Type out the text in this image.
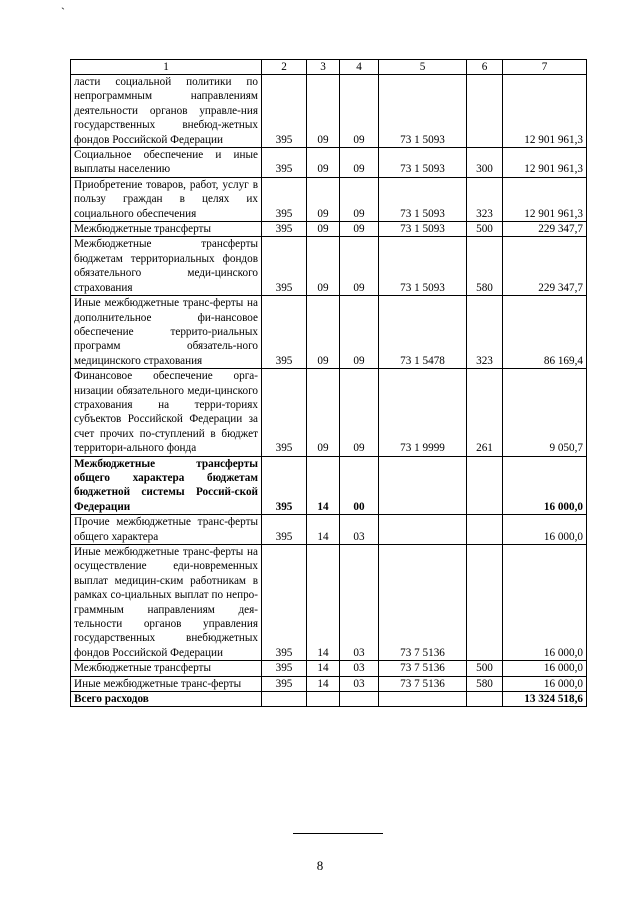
`
1	2	3	4	5	6	7
ласти социальной политики по непрограммным направлениям деятельности органов управле-ния государственных внебюд-жетных фондов Российской Федерации	395	09	09	73 1 5093		12 901 961,3
Социальное обеспечение и иные выплаты населению	395	09	09	73 1 5093	300	12 901 961,3
Приобретение товаров, работ, услуг в пользу граждан в целях их социального обеспечения	395	09	09	73 1 5093	323	12 901 961,3
Межбюджетные трансферты	395	09	09	73 1 5093	500	229 347,7
Межбюджетные трансферты бюджетам территориальных фондов обязательного меди-цинского страхования	395	09	09	73 1 5093	580	229 347,7
Иные межбюджетные транс-ферты на дополнительное фи-нансовое обеспечение террито-риальных программ обязатель-ного медицинского страхования	395	09	09	73 1 5478	323	86 169,4
Финансовое обеспечение орга-низации обязательного меди-цинского страхования на терри-ториях субъектов Российской Федерации за счет прочих по-ступлений в бюджет территори-ального фонда	395	09	09	73 1 9999	261	9 050,7
Межбюджетные трансферты общего характера бюджетам бюджетной системы Россий-ской Федерации	395	14	00			16 000,0
Прочие межбюджетные транс-ферты общего характера	395	14	03			16 000,0
Иные межбюджетные транс-ферты на осуществление еди-новременных выплат медицин-ским работникам в рамках со-циальных выплат по непро-граммным направлениям дея-тельности органов управления государственных внебюджетных фондов Российской Федерации	395	14	03	73 7 5136		16 000,0
Межбюджетные трансферты	395	14	03	73 7 5136	500	16 000,0
Иные межбюджетные транс-ферты	395	14	03	73 7 5136	580	16 000,0
Всего расходов						13 324 518,6
8
